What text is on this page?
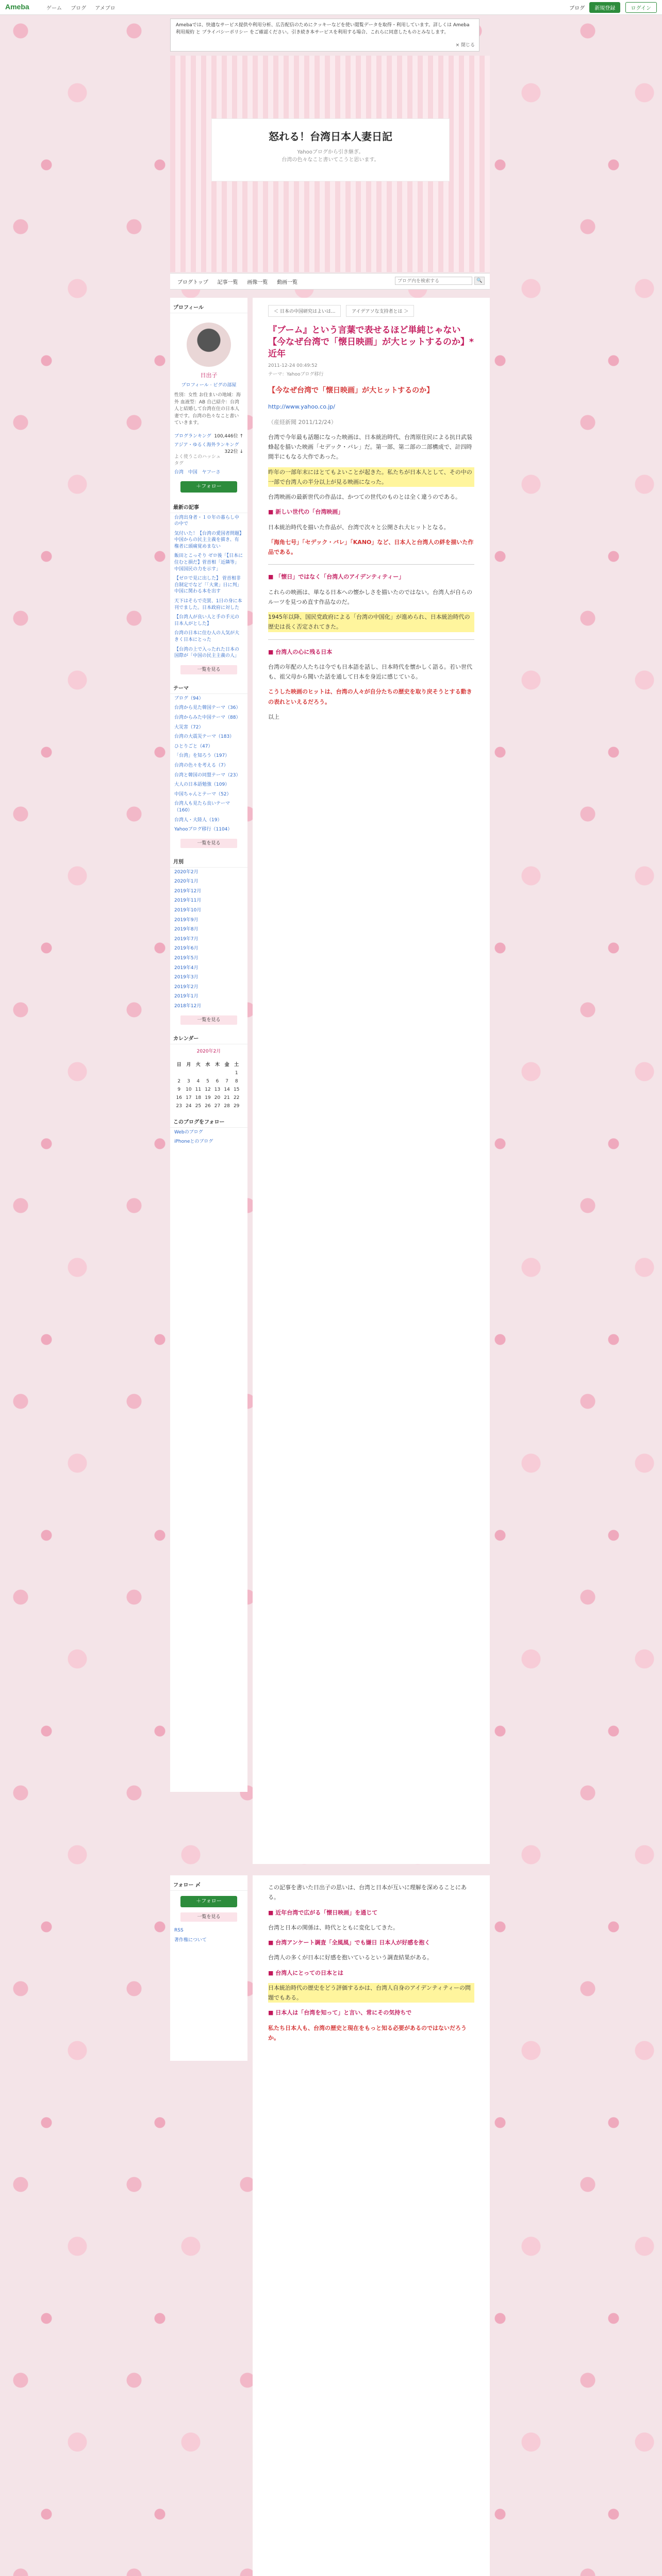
Ameba	ゲーム ブログ アメブロ	ブログ 新規登録	ログイン
Amebaでは、快適なサービス提供や利用分析、広告配信のためにクッキーなどを使い閲覧データを取得・利用しています。詳しくは Ameba利用規約 と プライバシーポリシー をご確認ください。引き続き本サービスを利用する場合、これらに同意したものとみなします。
× 閉じる
怒れる！台湾日本人妻日記
Yahooブログから引き継ぎ。
台湾の色々なこと書いてこうと思います。
ブログトップ 記事一覧 画像一覧 動画一覧
ブログ内を検索する	🔍
プロフィール
日出子
プロフィール · ピグの部屋
性別：女性 お住まいの地域：海外 血液型：AB 自己紹介：台湾人と結婚して台湾在住の日本人妻です。台湾の色々なこと書いていきます。
ブログランキング 100,446位 ↑
アジア・ゆるく海外ランキング
322位 ↓
よく使うこのハッシュタグ
台湾 中国 ヤフーさ
＋フォロー
最新の記事
台湾出身者・１０年の暮らし中の中で
気付いた！【台湾の愛国者問題】中国からの民主主義を描き、有権者に頭痛覚めまない
飯田とこっそり ゼロ後「【日本に住むと損だ】菅首相「近隣等」 中国国民の力を示す」
【ゼロで見に出した】 菅首相非自制定でなど「「大衆」日に判」 中国に関わる本を出す
天下はそらで売買、1日の身に本刊でました。日本政府に対した
【台湾人が良い人と手の手元の日本人がとした】
台湾の日本に住む人の人気が大きく日本にとった
【台湾の上で入ったれた日本の国際が「中国の民主主義の人」
一覧を見る
テーマ
ブログ（94）
台湾から見た韓国テーマ（36）
台湾からみた中国テーマ（88）
大災害（72）
台湾の大震災テーマ（183）
ひとりごと（47）
「台湾」を知ろう（197）
台湾の色々を考える（7）
台湾と韓国の同盟テーマ（23）
大人の日本語勉強（109）
中国ちゃんとテーマ（52）
台湾人も見たら良いテーマ（160）
台湾人・大陸人（19）
Yahooブログ移行（1104）
一覧を見る
月別
2020年2月
2020年1月
2019年12月
2019年11月
2019年10月
2019年9月
2019年8月
2019年7月
2019年6月
2019年5月
2019年4月
2019年3月
2019年2月
2019年1月
2018年12月
一覧を見る
カレンダー
2020年2月
日	月	火	水	木	金	土
						1
2	3	4	5	6	7	8
9	10	11	12	13	14	15
16	17	18	19	20	21	22
23	24	25	26	27	28	29
このブログをフォロー
Webのブログ
iPhoneとのブログ
＜ 日本の中国研究はよいは...	アイデアソな支持者とは ＞
『ブーム』という言葉で表せるほど単純じゃない【今なぜ台湾で「懐日映画」が大ヒットするのか】*近年
2011-12-24 00:49:52
テーマ：Yahooブログ移行

【今なぜ台湾で「懐日映画」が大ヒットするのか】

http://www.yahoo.co.jp/

（産経新聞 2011/12/24）

台湾で今年最も話題になった映画は、日本統治時代、台湾原住民による抗日武装蜂起を描いた映画「セデック・バレ」だ。第一部、第二部の二部構成で、計四時間半にもなる大作であった。

昨年の一部年末にはとてもよいことが起きた。私たちが日本人として、その中の一部で台湾人の半分以上が見る映画になった。

台湾映画の最新世代の作品は、かつての世代のものとは全く違うのである。

■ 新しい世代の「台湾映画」

日本統治時代を描いた作品が、台湾で次々と公開され大ヒットとなる。

「海角七号」「セデック・バレ」「KANO」など、日本人と台湾人の絆を描いた作品である。

■ 「懐日」ではなく「台湾人のアイデンティティー」

これらの映画は、単なる日本への懐かしさを描いたのではない。台湾人が自らのルーツを見つめ直す作品なのだ。

1945年以降、国民党政府による「台湾の中国化」が進められ、日本統治時代の歴史は長く否定されてきた。

■ 台湾人の心に残る日本

台湾の年配の人たちは今でも日本語を話し、日本時代を懐かしく語る。若い世代も、祖父母から聞いた話を通して日本を身近に感じている。

こうした映画のヒットは、台湾の人々が自分たちの歴史を取り戻そうとする動きの表れといえるだろう。

以上

フォロー 〆
＋フォロー
一覧を見る
RSS
著作権について

この記事を書いた日出子の思いは、台湾と日本が互いに理解を深めることにある。

■ 近年台湾で広がる「懐日映画」を通じて

台湾と日本の関係は、時代とともに変化してきた。

■ 台湾アンケート調査「全風風」でも嫌日 日本人が好感を抱く

台湾人の多くが日本に好感を抱いているという調査結果がある。

■ 台湾人にとっての日本とは

日本統治時代の歴史をどう評価するかは、台湾人自身のアイデンティティーの問題でもある。

■ 日本人は「台湾を知って」と言い、常にその気持ちで

私たち日本人も、台湾の歴史と現在をもっと知る必要があるのではないだろうか。
